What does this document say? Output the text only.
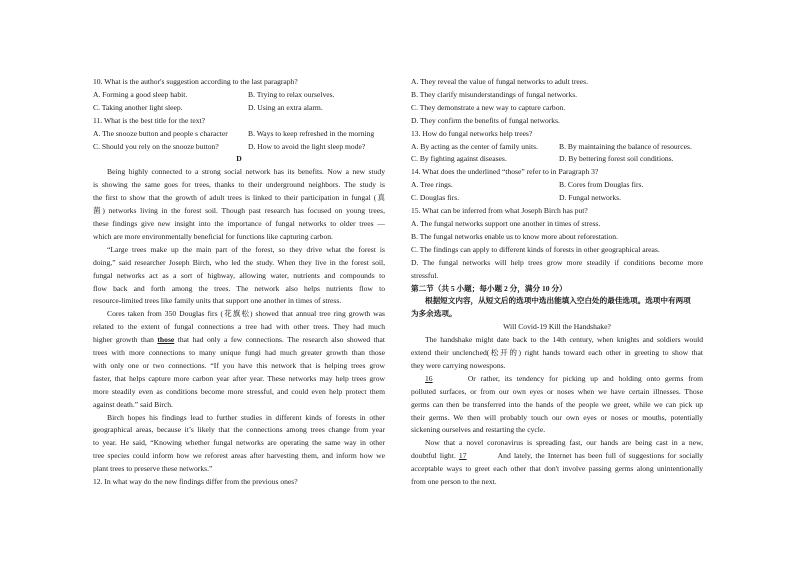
10. What is the author's suggestion according to the last paragraph?
A. Forming a good sleep habit.	B. Trying to relax ourselves.
C. Taking another light sleep.	D. Using an extra alarm.
11. What is the best title for the text?
A. The snooze button and people s character	B. Ways to keep refreshed in the morning
C. Should you rely on the snooze button?	D. How to avoid the light sleep mode?
D
Being highly connected to a strong social network has its benefits. Now a new study
is showing the same goes for trees, thanks to their underground neighbors. The study is
the first to show that the growth of adult trees is linked to their participation in fungal (真
菌) networks living in the forest soil. Though past research has focused on young trees,
these findings give new insight into the importance of fungal networks to older trees —
which are more environmentally beneficial for functions like capturing carbon.
“Large trees make up the main part of the forest, so they drive what the forest is
doing,” said researcher Joseph Birch, who led the study. When they live in the forest soil,
fungal networks act as a sort of highway, allowing water, nutrients and compounds to
flow back and forth among the trees. The network also helps nutrients flow to
resource-limited trees like family units that support one another in times of stress.
Cores taken from 350 Douglas firs (花旗松) showed that annual tree ring growth was
related to the extent of fungal connections a tree had with other trees. They had much
higher growth than those that had only a few connections. The research also showed that
trees with more connections to many unique fungi had much greater growth than those
with only one or two connections. “If you have this network that is helping trees grow
faster, that helps capture more carbon year after year. These networks may help trees grow
more steadily even as conditions become more stressful, and could even help protect them
against death.” said Birch.
Birch hopes his findings lead to further studies in different kinds of forests in other
geographical areas, because it’s likely that the connections among trees change from year
to year. He said, “Knowing whether fungal networks are operating the same way in other
tree species could inform how we reforest areas after harvesting them, and inform how we
plant trees to preserve these networks.”
12. In what way do the new findings differ from the previous ones?
A. They reveal the value of fungal networks to adult trees.
B. They clarify misunderstandings of fungal networks.
C. They demonstrate a new way to capture carbon.
D. They confirm the benefits of fungal networks.
13. How do fungal networks help trees?
A. By acting as the center of family units.	B. By maintaining the balance of resources.
C. By fighting against diseases.	D. By bettering forest soil conditions.
14. What does the underlined “those” refer to in Paragraph 3?
A. Tree rings.	B. Cores from Douglas firs.
C. Douglas firs.	D. Fungal networks.
15. What can be inferred from what Joseph Birch has put?
A. The fungal networks support one another in times of stress.
B. The fungal networks enable us to know more about reforestation.
C. The findings can apply to different kinds of forests in other geographical areas.
D. The fungal networks will help trees grow more steadily if conditions become more
stressful.
第二节（共 5 小题；每小题 2 分，满分 10 分）
根据短文内容，从短文后的选项中选出能填入空白处的最佳选项。选项中有两项
为多余选项。
Will Covid-19 Kill the Handshake?
The handshake might date back to the 14th century, when knights and soldiers would
extend their unclenched(松开的) right hands toward each other in greeting to show that
they were carrying nowespons.
16	Or rather, its tendency for picking up and holding onto germs from
polluted surfaces, or from our own eyes or noses when we have certain illnesses. Those
germs can then be transferred into the hands of the people we greet, while we can pick up
their germs. We then will probably touch our own eyes or noses or mouths, potentially
sickening ourselves and restarting the cycle.
Now that a novel coronavirus is spreading fast, our hands are being cast in a new,
doubtful light. 17	And lately, the Internet has been full of suggestions for socially
acceptable ways to greet each other that don't involve passing germs along unintentionally
from one person to the next.
